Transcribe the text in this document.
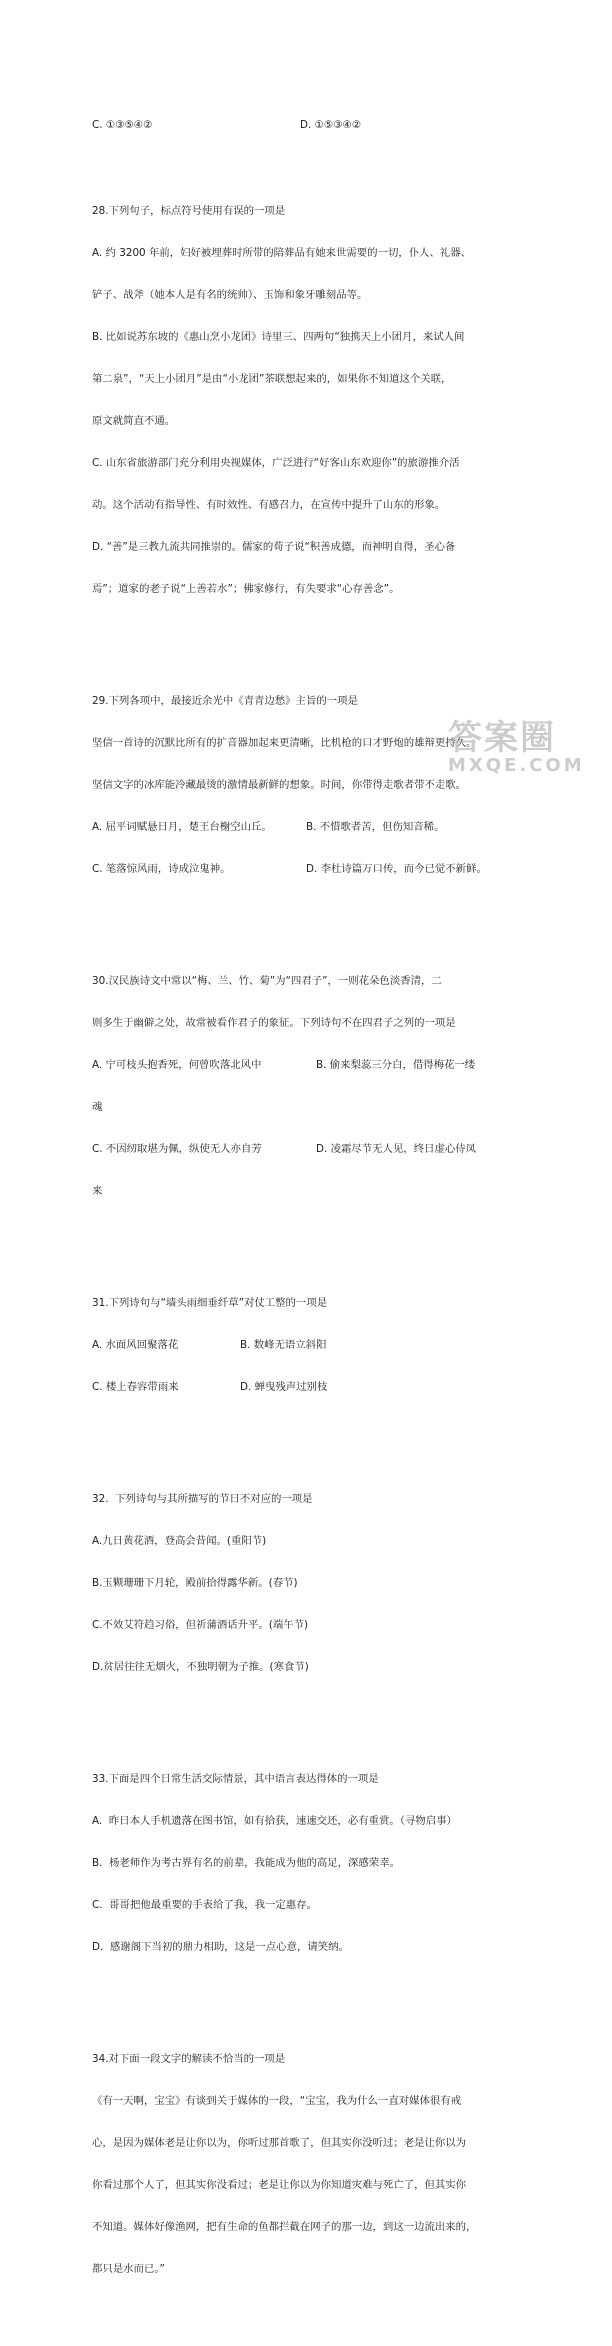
C. ①③⑤④②	D. ①⑤③④②

28.下列句子，标点符号使用有误的一项是

A. 约 3200 年前，妇好被埋葬时所带的陪葬品有她来世需要的一切，仆人、礼器、

铲子、战斧（她本人是有名的统帅）、玉饰和象牙雕刻品等。

B. 比如说苏东坡的《惠山烹小龙团》诗里三、四两句“独携天上小团月，来试人间

第二泉”，“天上小团月”是由“小龙团”茶联想起来的，如果你不知道这个关联，

原文就简直不通。

C. 山东省旅游部门充分利用央视媒体，广泛进行“好客山东欢迎你”的旅游推介活

动。这个活动有指导性、有时效性、有感召力，在宣传中提升了山东的形象。

D. “善”是三教九流共同推崇的。儒家的荀子说“积善成德，而神明自得，圣心备

焉”；道家的老子说“上善若水”；佛家修行，有失要求“心存善念”。

29.下列各项中，最接近余光中《青青边愁》主旨的一项是

坚信一首诗的沉默比所有的扩音器加起来更清晰，比机枪的口才野炮的雄辩更持久。

坚信文字的冰库能冷藏最烫的激情最新鲜的想象。时间，你带得走歌者带不走歌。

A. 屈平词赋悬日月，楚王台榭空山丘。	B. 不惜歌者苦，但伤知音稀。

C. 笔落惊风雨，诗成泣鬼神。	D. 李杜诗篇万口传，而今已觉不新鲜。

30.汉民族诗文中常以“梅、兰、竹、菊”为“四君子”，一则花朵色淡香清，二

则多生于幽僻之处，故常被看作君子的象征。下列诗句不在四君子之列的一项是

A. 宁可枝头抱香死，何曾吹落北风中	B. 偷来梨蕊三分白，借得梅花一缕

魂

C. 不因纫取堪为佩，纵使无人亦自芳	D. 凌霜尽节无人见，终日虚心侍凤

来

31.下列诗句与“墙头雨细垂纤草”对仗工整的一项是

A. 水面风回聚落花	B. 数峰无语立斜阳

C. 楼上春容带雨来	D. 蝉曳残声过别枝

32.  下列诗句与其所描写的节日不对应的一项是

A.九日黄花酒，登高会昔闻。(重阳节)

B.玉颗珊珊下月轮，殿前拾得露华新。(春节)

C.不效艾符趋习俗，但祈蒲酒话升平。(端午节)

D.贫居往往无烟火，不独明朝为子推。(寒食节)

33.下面是四个日常生活交际情景，其中语言表达得体的一项是

A.  昨日本人手机遗落在图书馆，如有拾获，速速交还，必有重赏。（寻物启事）

B.  杨老师作为考古界有名的前辈，我能成为他的高足，深感荣幸。

C.  哥哥把他最重要的手表给了我，我一定惠存。

D.  感谢阁下当初的鼎力相助，这是一点心意，请笑纳。

34.对下面一段文字的解读不恰当的一项是

《有一天啊，宝宝》有谈到关于媒体的一段，“宝宝，我为什么一直对媒体很有戒

心，是因为媒体老是让你以为，你听过那首歌了，但其实你没听过；老是让你以为

你看过那个人了，但其实你没看过；老是让你以为你知道灾难与死亡了，但其实你

不知道。媒体好像渔网，把有生命的鱼都拦截在网子的那一边，到这一边流出来的，

都只是水而已。”

答案圈
MXQE.COM
